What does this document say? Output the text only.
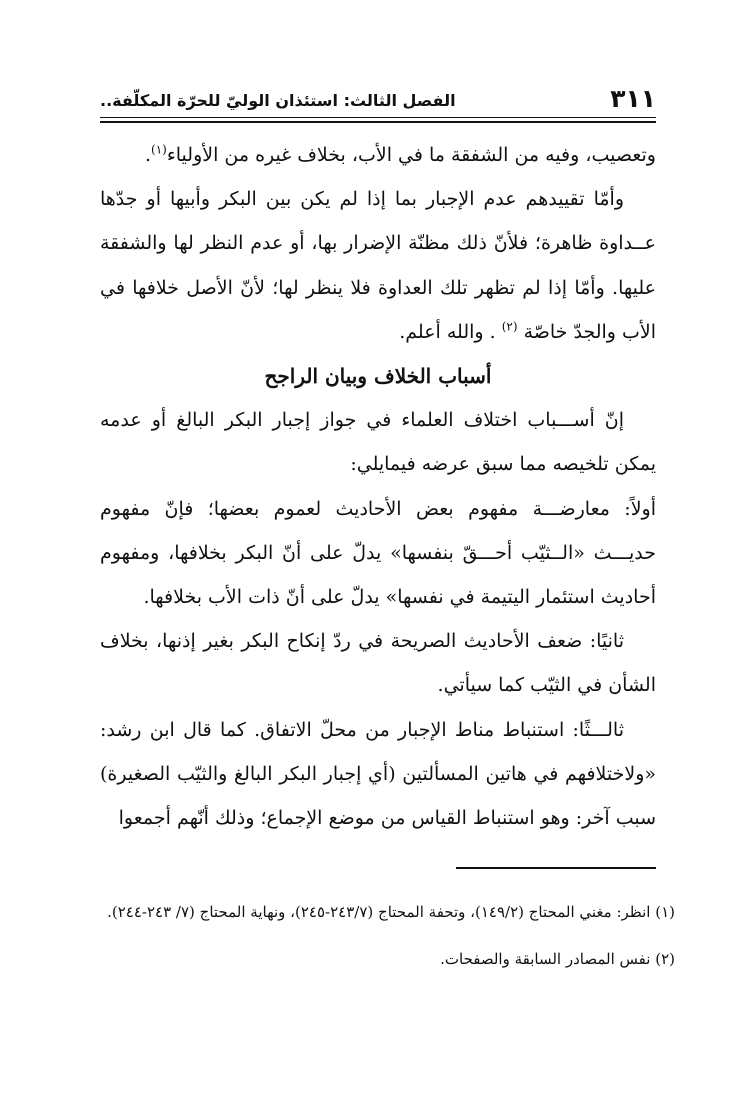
٣١١
الفصل الثالث: استئذان الوليّ للحرّة المكلّفة..

وتعصيب، وفيه من الشفقة ما في الأب، بخلاف غيره من الأولياء$^{(١)}$.

وأمّا تقييدهم عدم الإجبار بما إذا لم يكن بين البكر وأبيها أو جدّها عــداوة ظاهرة؛ فلأنّ ذلك مظنّة الإضرار بها، أو عدم النظر لها والشفقة عليها. وأمّا إذا لم تظهر تلك العداوة فلا ينظر لها؛ لأنّ الأصل خلافها في الأب والجدّ خاصّة $^{(٢)}$ . والله أعلم.

أسباب الخلاف وبيان الراجح

إنّ أســـباب اختلاف العلماء في جواز إجبار البكر البالغ أو عدمه يمكن تلخيصه مما سبق عرضه فيمايلي:

أولاً: معارضـــة مفهوم بعض الأحاديث لعموم بعضها؛ فإنّ مفهوم حديـــث «الــثيّب أحـــقّ بنفسها» يدلّ على أنّ البكر بخلافها، ومفهوم أحاديث استئمار اليتيمة في نفسها» يدلّ على أنّ ذات الأب بخلافها.

ثانيًا: ضعف الأحاديث الصريحة في ردّ إنكاح البكر بغير إذنها، بخلاف الشأن في الثيّب كما سيأتي.

ثالـــثًا: استنباط مناط الإجبار من محلّ الاتفاق. كما قال ابن رشد: «ولاختلافهم في هاتين المسألتين (أي إجبار البكر البالغ والثيّب الصغيرة) سبب آخر: وهو استنباط القياس من موضع الإجماع؛ وذلك أنّهم أجمعوا

(١) انظر: مغني المحتاج (١٤٩/٢)، وتحفة المحتاج (٢٤٣/٧-٢٤٥)، ونهاية المحتاج (٧/ ٢٤٣-٢٤٤).

(٢) نفس المصادر السابقة والصفحات.
